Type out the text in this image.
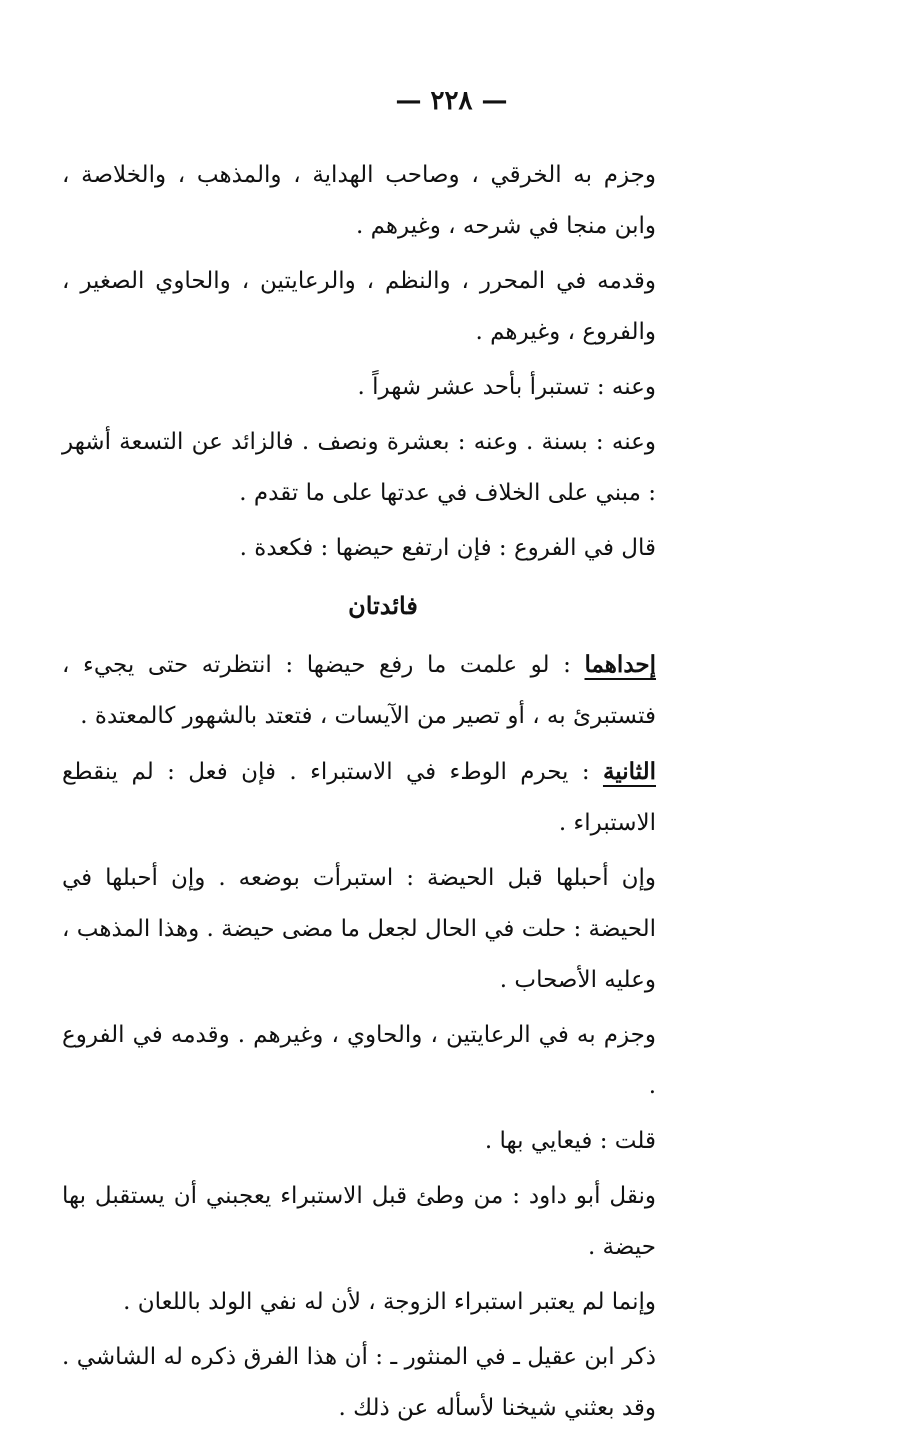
— ٢٢٨ —

وجزم به الخرقي ، وصاحب الهداية ، والمذهب ، والخلاصة ، وابن منجا في شرحه ، وغيرهم .

وقدمه في المحرر ، والنظم ، والرعايتين ، والحاوي الصغير ، والفروع ، وغيرهم .

وعنه : تستبرأ بأحد عشر شهراً .

وعنه : بسنة . وعنه : بعشرة ونصف . فالزائد عن التسعة أشهر : مبني على الخلاف في عدتها على ما تقدم .

قال في الفروع : فإن ارتفع حيضها : فكعدة .

فائدتان

إحداهما : لو علمت ما رفع حيضها : انتظرته حتى يجيء ، فتستبرئ به ، أو تصير من الآيسات ، فتعتد بالشهور كالمعتدة .

الثانية : يحرم الوطء في الاستبراء . فإن فعل : لم ينقطع الاستبراء .

وإن أحبلها قبل الحيضة : استبرأت بوضعه . وإن أحبلها في الحيضة : حلت في الحال لجعل ما مضى حيضة . وهذا المذهب ، وعليه الأصحاب .

وجزم به في الرعايتين ، والحاوي ، وغيرهم . وقدمه في الفروع .

قلت : فيعايي بها .

ونقل أبو داود : من وطئ قبل الاستبراء يعجبني أن يستقبل بها حيضة .

وإنما لم يعتبر استبراء الزوجة ، لأن له نفي الولد باللعان .

ذكر ابن عقيل ـ في المنثور ـ : أن هذا الفرق ذكره له الشاشي . وقد بعثني شيخنا لأسأله عن ذلك .
